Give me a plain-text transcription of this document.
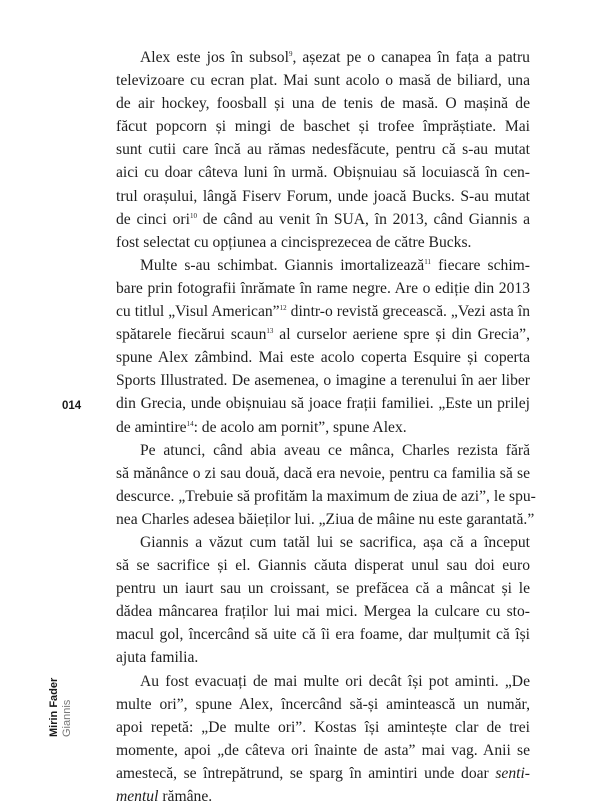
Alex este jos în subsol$^9$, așezat pe o canapea în fața a patru
televizoare cu ecran plat. Mai sunt acolo o masă de biliard, una
de air hockey, foosball și una de tenis de masă. O mașină de
făcut popcorn și mingi de baschet și trofee împrăștiate. Mai
sunt cutii care încă au rămas nedesfăcute, pentru că s-au mutat
aici cu doar câteva luni în urmă. Obișnuiau să locuiască în cen-
trul orașului, lângă Fiserv Forum, unde joacă Bucks. S-au mutat
de cinci ori$^{10}$ de când au venit în SUA, în 2013, când Giannis a
fost selectat cu opțiunea a cincisprezecea de către Bucks.
Multe s-au schimbat. Giannis imortalizează$^{11}$ fiecare schim-
bare prin fotografii înrămate în rame negre. Are o ediție din 2013
cu titlul „Visul American”$^{12}$ dintr-o revistă grecească. „Vezi asta în
spătarele fiecărui scaun$^{13}$ al curselor aeriene spre și din Grecia”,
spune Alex zâmbind. Mai este acolo coperta Esquire și coperta
Sports Illustrated. De asemenea, o imagine a terenului în aer liber
din Grecia, unde obișnuiau să joace frații familiei. „Este un prilej
de amintire$^{14}$: de acolo am pornit”, spune Alex.
Pe atunci, când abia aveau ce mânca, Charles rezista fără
să mănânce o zi sau două, dacă era nevoie, pentru ca familia să se
descurce. „Trebuie să profităm la maximum de ziua de azi”, le spu-
nea Charles adesea băieților lui. „Ziua de mâine nu este garantată.”
Giannis a văzut cum tatăl lui se sacrifica, așa că a început
să se sacrifice și el. Giannis căuta disperat unul sau doi euro
pentru un iaurt sau un croissant, se prefăcea că a mâncat și le
dădea mâncarea fraților lui mai mici. Mergea la culcare cu sto-
macul gol, încercând să uite că îi era foame, dar mulțumit că își
ajuta familia.
Au fost evacuați de mai multe ori decât își pot aminti. „De
multe ori”, spune Alex, încercând să-și amintească un număr,
apoi repetă: „De multe ori”. Kostas își amintește clar de trei
momente, apoi „de câteva ori înainte de asta” mai vag. Anii se
amestecă, se întrepătrund, se sparg în amintiri unde doar senti-
mentul rămâne.
014
Mirin Fader Giannis
